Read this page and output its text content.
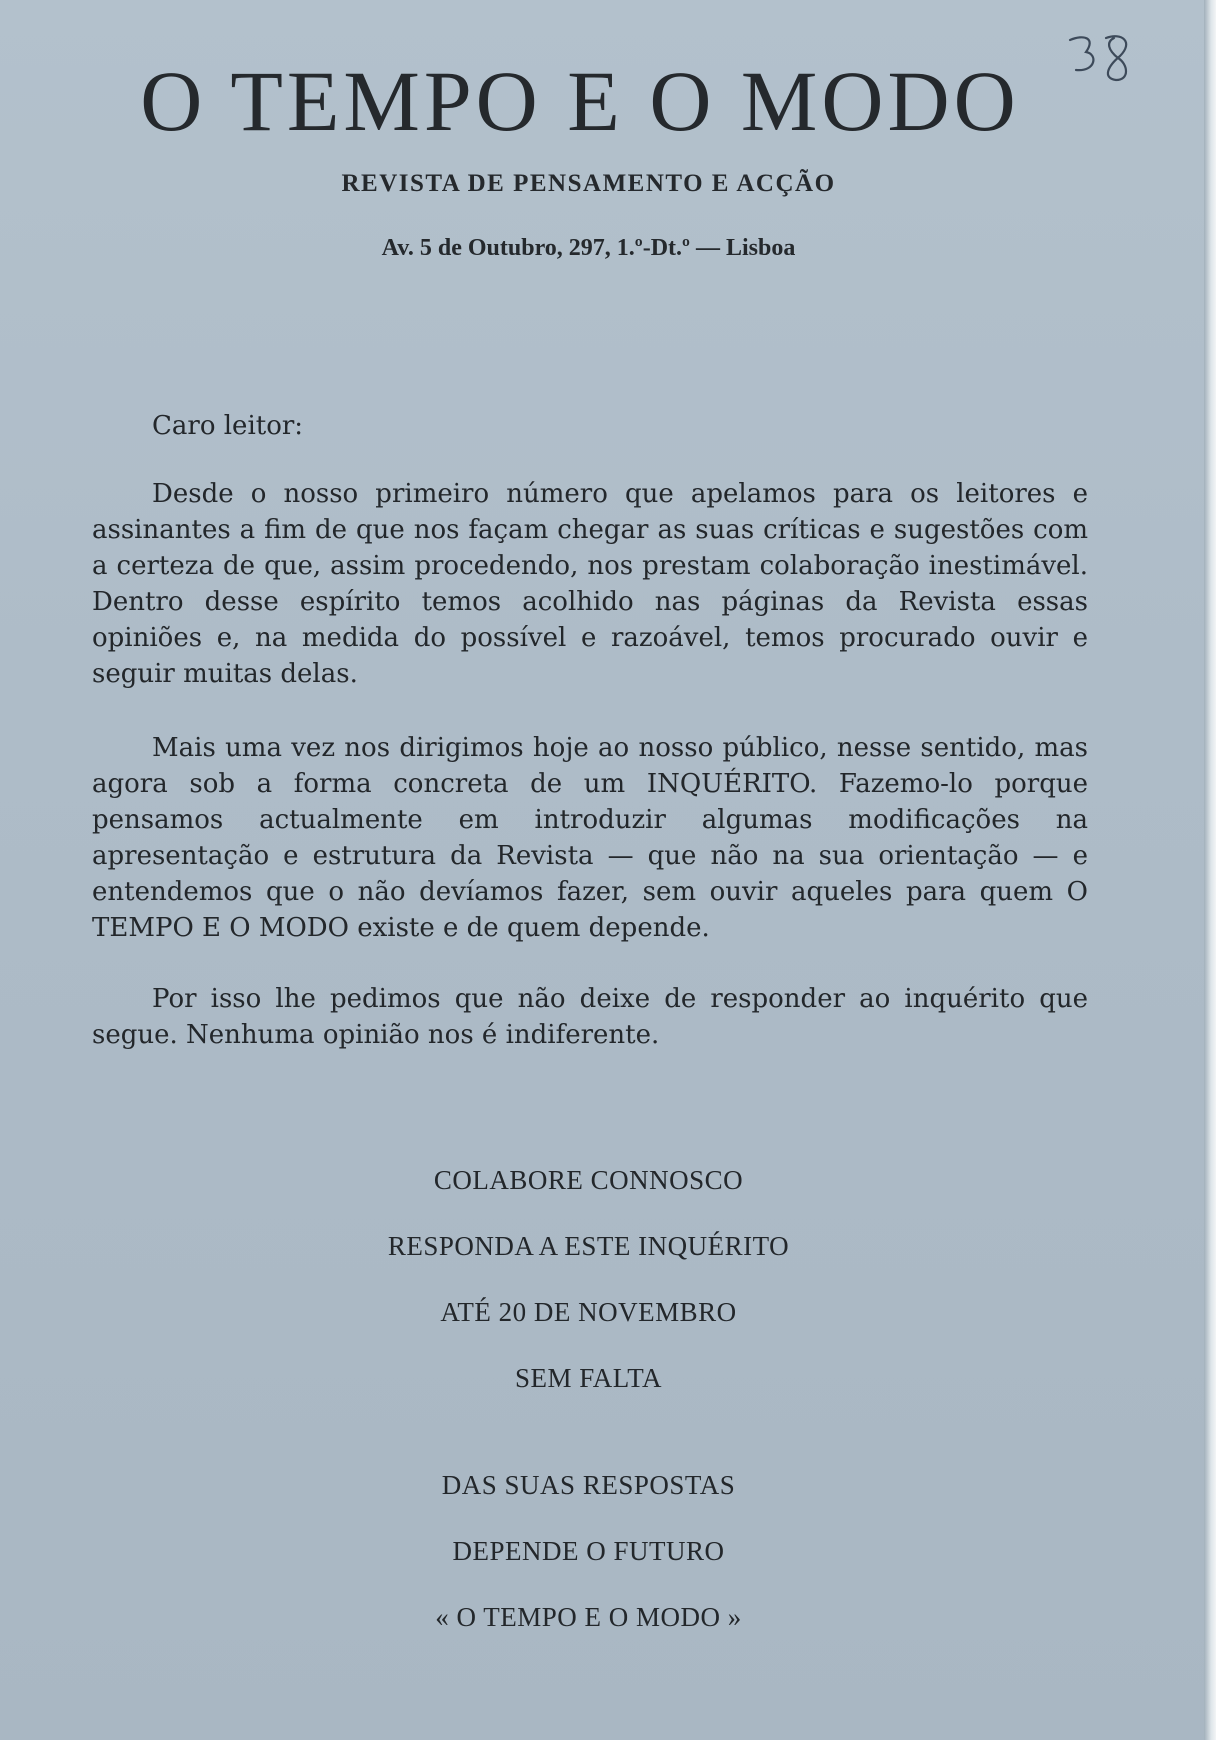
O TEMPO E O MODO
REVISTA DE PENSAMENTO E ACÇÃO
Av. 5 de Outubro, 297, 1.º-Dt.º — Lisboa
Caro leitor:
Desde o nosso primeiro número que apelamos para os leitores e assinantes a fim de que nos façam chegar as suas críticas e sugestões com a certeza de que, assim procedendo, nos prestam colaboração inestimável. Dentro desse espírito temos acolhido nas páginas da Revista essas opiniões e, na medida do possível e razoável, temos procurado ouvir e seguir muitas delas.
Mais uma vez nos dirigimos hoje ao nosso público, nesse sentido, mas agora sob a forma concreta de um INQUÉRITO. Fazemo-lo porque pensamos actualmente em introduzir algumas modificações na apresentação e estrutura da Revista — que não na sua orientação — e entendemos que o não devíamos fazer, sem ouvir aqueles para quem O TEMPO E O MODO existe e de quem depende.
Por isso lhe pedimos que não deixe de responder ao inquérito que segue. Nenhuma opinião nos é indiferente.
COLABORE CONNOSCO
RESPONDA A ESTE INQUÉRITO
ATÉ 20 DE NOVEMBRO
SEM FALTA
DAS SUAS RESPOSTAS
DEPENDE O FUTURO
« O TEMPO E O MODO »
